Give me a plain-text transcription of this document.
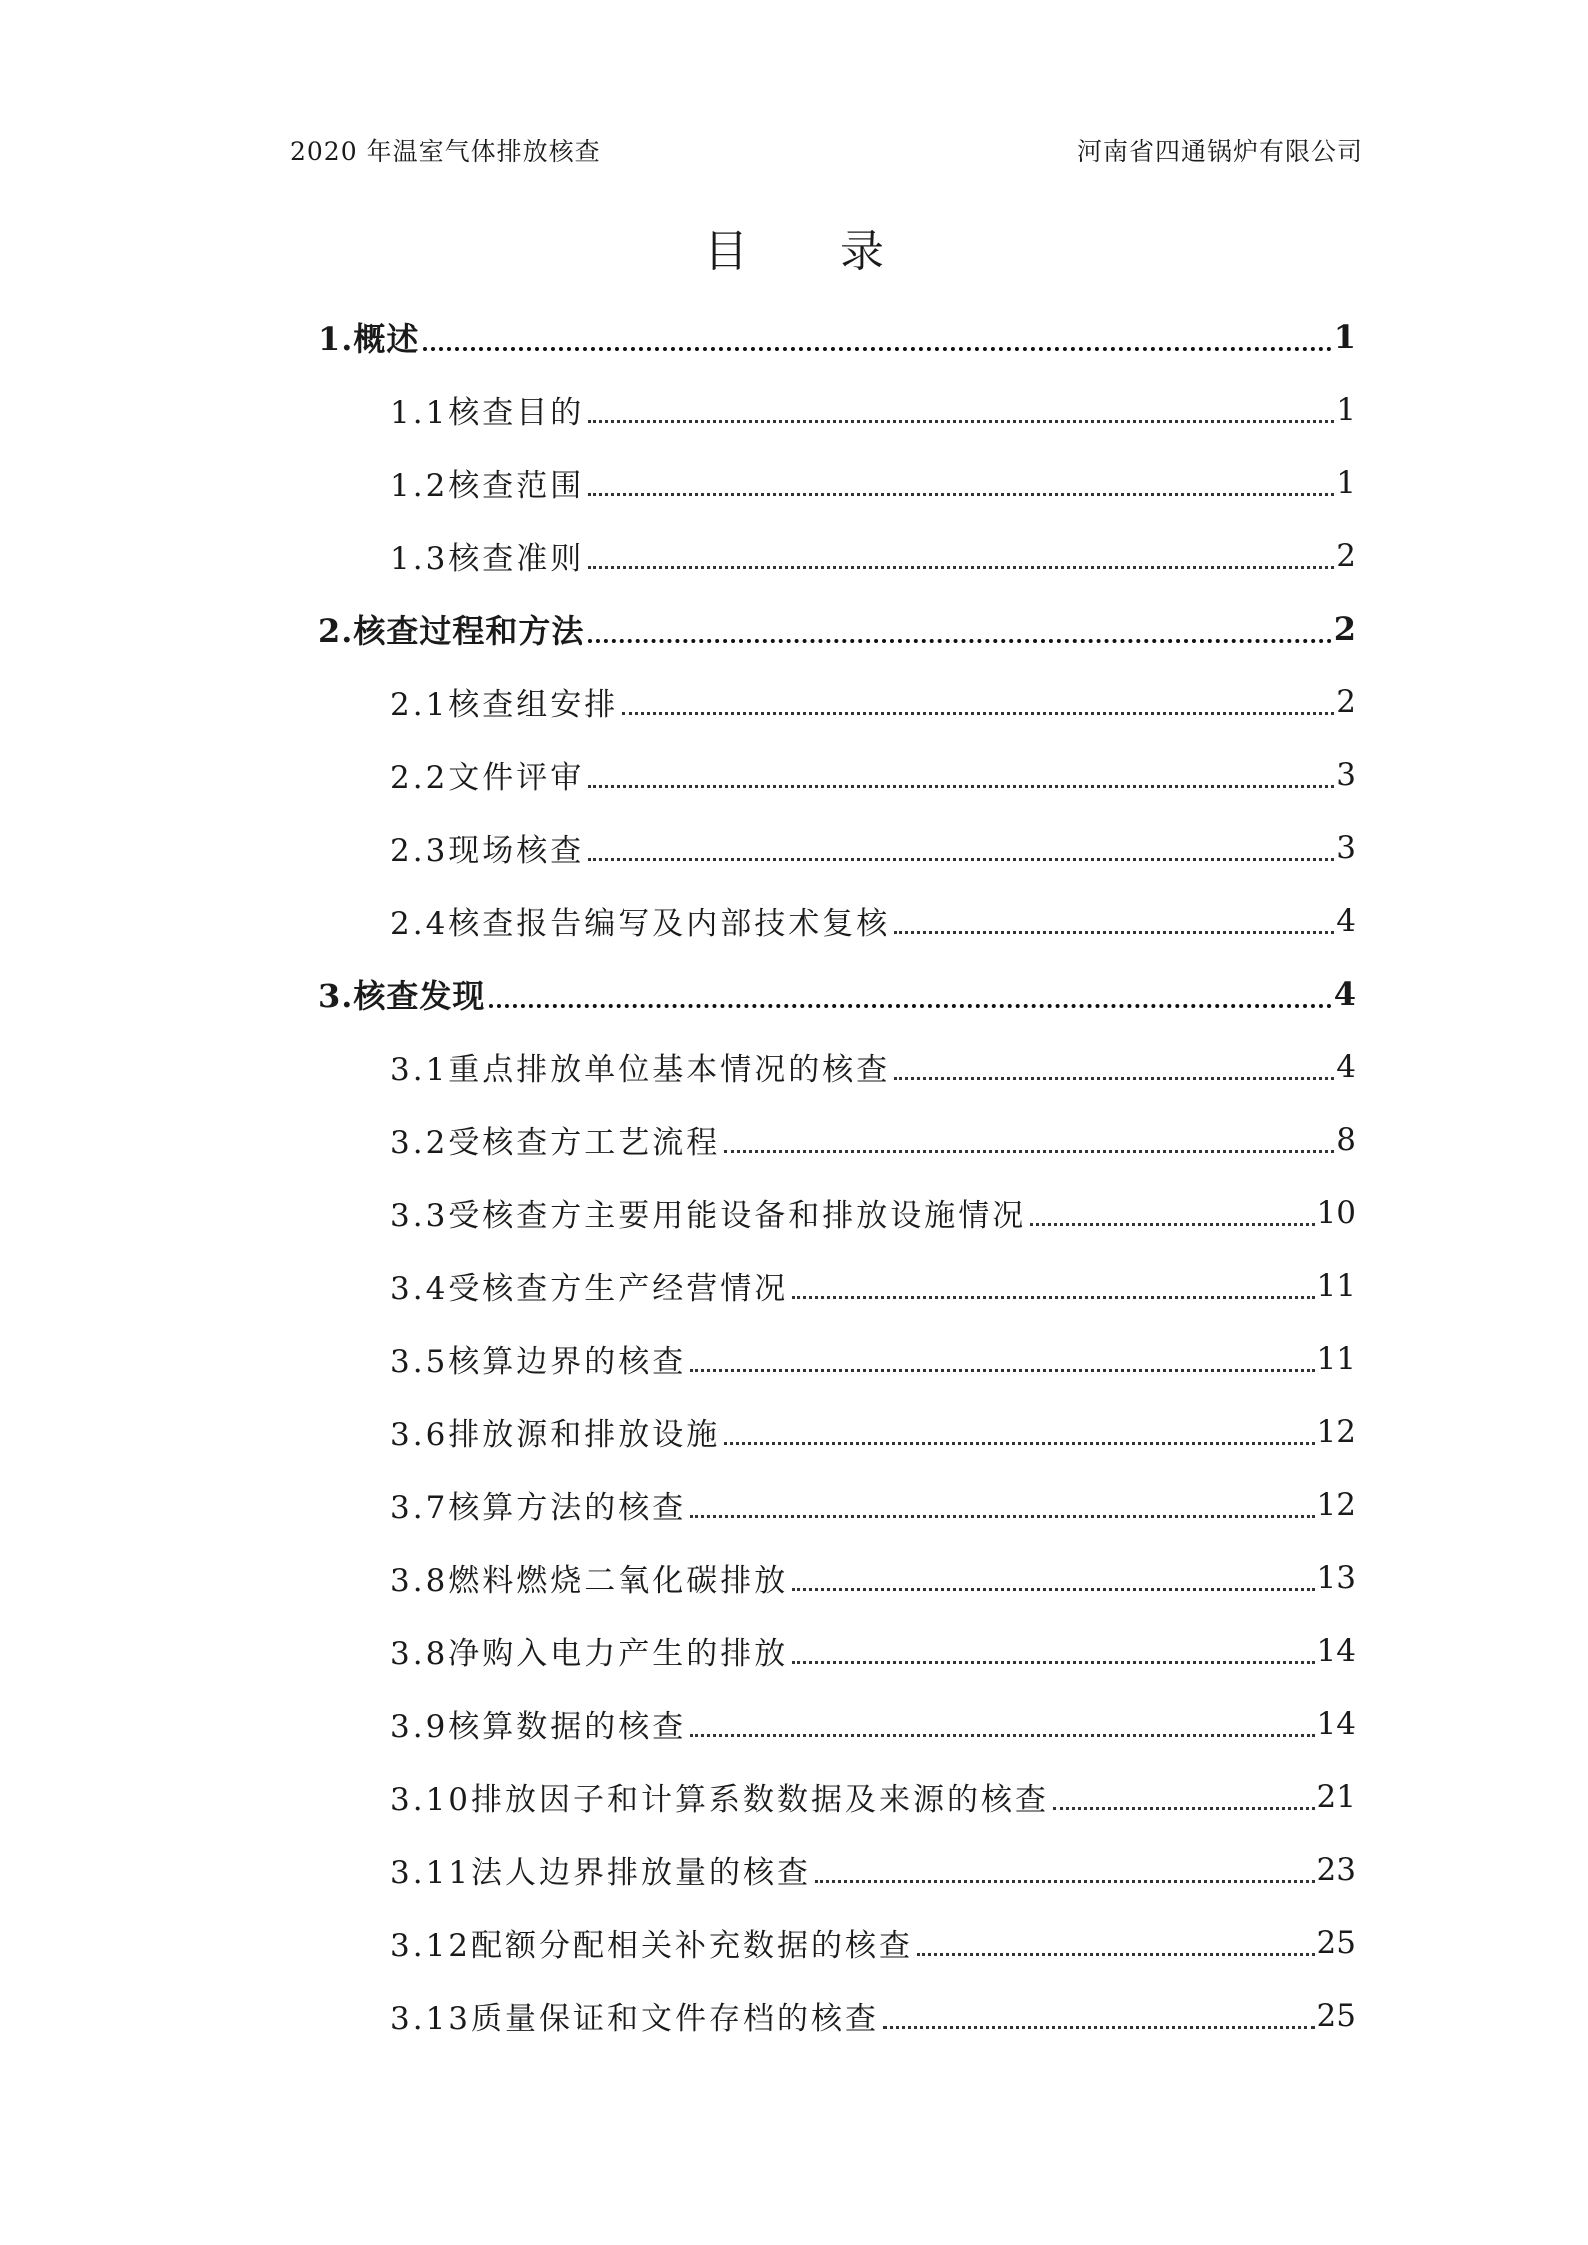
2020 年温室气体排放核查	河南省四通锅炉有限公司
目 录
1.概述	1
1.1核查目的	1
1.2核查范围	1
1.3核查准则	2
2.核查过程和方法	2
2.1核查组安排	2
2.2文件评审	3
2.3现场核查	3
2.4核查报告编写及内部技术复核	4
3.核查发现	4
3.1重点排放单位基本情况的核查	4
3.2受核查方工艺流程	8
3.3受核查方主要用能设备和排放设施情况	10
3.4受核查方生产经营情况	11
3.5核算边界的核查	11
3.6排放源和排放设施	12
3.7核算方法的核查	12
3.8燃料燃烧二氧化碳排放	13
3.8净购入电力产生的排放	14
3.9核算数据的核查	14
3.10排放因子和计算系数数据及来源的核查	21
3.11法人边界排放量的核查	23
3.12配额分配相关补充数据的核查	25
3.13质量保证和文件存档的核查	25
